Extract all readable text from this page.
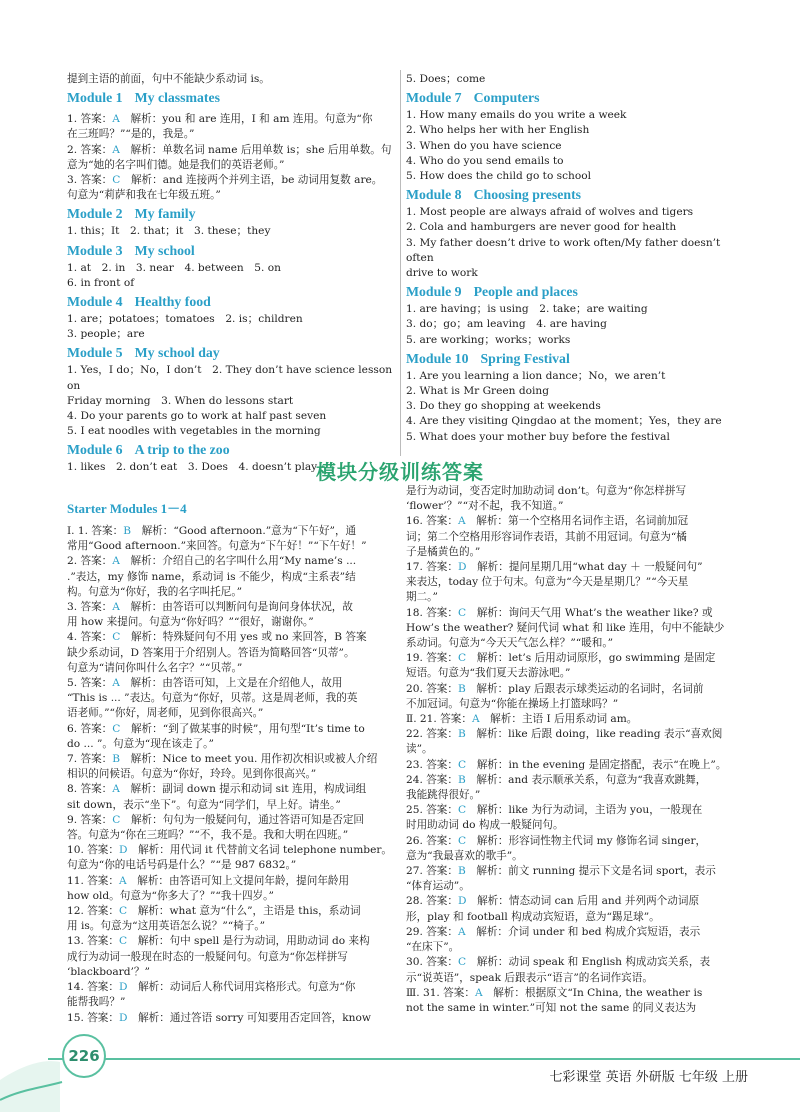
提到主语的前面，句中不能缺少系动词 is。

Module 1 My classmates

1. 答案：A　解析：you 和 are 连用，I 和 am 连用。句意为“你

在三班吗？”“是的，我是。”

2. 答案：A　解析：单数名词 name 后用单数 is；she 后用单数。句

意为“她的名字叫们德。她是我们的英语老师。”

3. 答案：C　解析：and 连接两个并列主语，be 动词用复数 are。

句意为“莉萨和我在七年级五班。”

Module 2 My family

1. this；It　2. that；it　3. these；they

Module 3 My school

1. at　2. in　3. near　4. between　5. on

6. in front of

Module 4 Healthy food

1. are；potatoes；tomatoes　2. is；children

3. people；are

Module 5 My school day

1. Yes，I do；No，I don’t　2. They don’t have science lesson on

Friday morning　3. When do lessons start

4. Do your parents go to work at half past seven

5. I eat noodles with vegetables in the morning

Module 6 A trip to the zoo

1. likes　2. don’t eat　3. Does　4. doesn’t play

5. Does；come

Module 7 Computers

1. How many emails do you write a week

2. Who helps her with her English

3. When do you have science

4. Who do you send emails to

5. How does the child go to school

Module 8 Choosing presents

1. Most people are always afraid of wolves and tigers

2. Cola and hamburgers are never good for health

3. My father doesn’t drive to work often/My father doesn’t often

drive to work

Module 9 People and places

1. are having；is using　2. take；are waiting

3. do；go；am leaving　4. are having

5. are working；works；works

Module 10 Spring Festival

1. Are you learning a lion dance；No，we aren’t

2. What is Mr Green doing

3. Do they go shopping at weekends

4. Are they visiting Qingdao at the moment；Yes，they are

5. What does your mother buy before the festival

模块分级训练答案
Starter Modules 1－4

Ⅰ. 1. 答案：B　解析：“Good afternoon.”意为“下午好”，通

常用“Good afternoon.”来回答。句意为“下午好！”“下午好！”

2. 答案：A　解析：介绍自己的名字叫什么用“My name’s ...

.”表达，my 修饰 name，系动词 is 不能少，构成“主系表”结

构。句意为“你好，我的名字叫托尼。”

3. 答案：A　解析：由答语可以判断问句是询问身体状况，故

用 how 来提问。句意为“你好吗？”“很好，谢谢你。”

4. 答案：C　解析：特殊疑问句不用 yes 或 no 来回答，B 答案

缺少系动词，D 答案用于介绍别人。答语为简略回答“贝蒂”。

句意为“请问你叫什么名字？”“贝蒂。”

5. 答案：A　解析：由答语可知，上文是在介绍他人，故用

“This is ... ”表达。句意为“你好，贝蒂。这是周老师，我的英

语老师。”“你好，周老师，见到你很高兴。”

6. 答案：C　解析：“到了做某事的时候”，用句型“It’s time to

do ... ”。句意为“现在该走了。”

7. 答案：B　解析：Nice to meet you. 用作初次相识或被人介绍

相识的问候语。句意为“你好，玲玲。见到你很高兴。”

8. 答案：A　解析：副词 down 提示和动词 sit 连用，构成词组

sit down，表示“坐下”。句意为“同学们，早上好。请坐。”

9. 答案：C　解析：句句为一般疑问句，通过答语可知是否定回

答。句意为“你在三班吗？”“不，我不是。我和大明在四班。”

10. 答案：D　解析：用代词 it 代替前文名词 telephone number。

句意为“你的电话号码是什么？”“是 987 6832。”

11. 答案：A　解析：由答语可知上文提问年龄，提问年龄用

how old。句意为“你多大了？”“我十四岁。”

12. 答案：C　解析：what 意为“什么”，主语是 this，系动词

用 is。句意为“这用英语怎么说？”“椅子。”

13. 答案：C　解析：句中 spell 是行为动词，用助动词 do 来构

成行为动词一般现在时态的一般疑问句。句意为“你怎样拼写

‘blackboard’？”

14. 答案：D　解析：动词后人称代词用宾格形式。句意为“你

能帮我吗？”

15. 答案：D　解析：通过答语 sorry 可知要用否定回答，know

是行为动词，变否定时加助动词 don’t。句意为“你怎样拼写

‘flower’？”“对不起，我不知道。”

16. 答案：A　解析：第一个空格用名词作主语，名词前加冠

词；第二个空格用形容词作表语，其前不用冠词。句意为“橘

子是橘黄色的。”

17. 答案：D　解析：提问星期几用“what day ＋ 一般疑问句”

来表达，today 位于句末。句意为“今天是星期几？”“今天星

期二。”

18. 答案：C　解析：询问天气用 What’s the weather like? 或

How’s the weather? 疑问代词 what 和 like 连用，句中不能缺少

系动词。句意为“今天天气怎么样？”“暖和。”

19. 答案：C　解析：let’s 后用动词原形，go swimming 是固定

短语。句意为“我们夏天去游泳吧。”

20. 答案：B　解析：play 后跟表示球类运动的名词时，名词前

不加冠词。句意为“你能在操场上打篮球吗？”

Ⅱ. 21. 答案：A　解析：主语 I 后用系动词 am。

22. 答案：B　解析：like 后跟 doing，like reading 表示“喜欢阅

读”。

23. 答案：C　解析：in the evening 是固定搭配，表示“在晚上”。

24. 答案：B　解析：and 表示顺承关系，句意为“我喜欢跳舞，

我能跳得很好。”

25. 答案：C　解析：like 为行为动词，主语为 you，一般现在

时用助动词 do 构成一般疑问句。

26. 答案：C　解析：形容词性物主代词 my 修饰名词 singer，

意为“我最喜欢的歌手”。

27. 答案：B　解析：前文 running 提示下文是名词 sport，表示

“体育运动”。

28. 答案：D　解析：情态动词 can 后用 and 并列两个动词原

形，play 和 football 构成动宾短语，意为“踢足球”。

29. 答案：A　解析：介词 under 和 bed 构成介宾短语，表示

“在床下”。

30. 答案：C　解析：动词 speak 和 English 构成动宾关系，表

示“说英语”，speak 后跟表示“语言”的名词作宾语。

Ⅲ. 31. 答案：A　解析：根据原文“In China, the weather is

not the same in winter.”可知 not the same 的同义表达为

226
七彩课堂 英语 外研版 七年级 上册
